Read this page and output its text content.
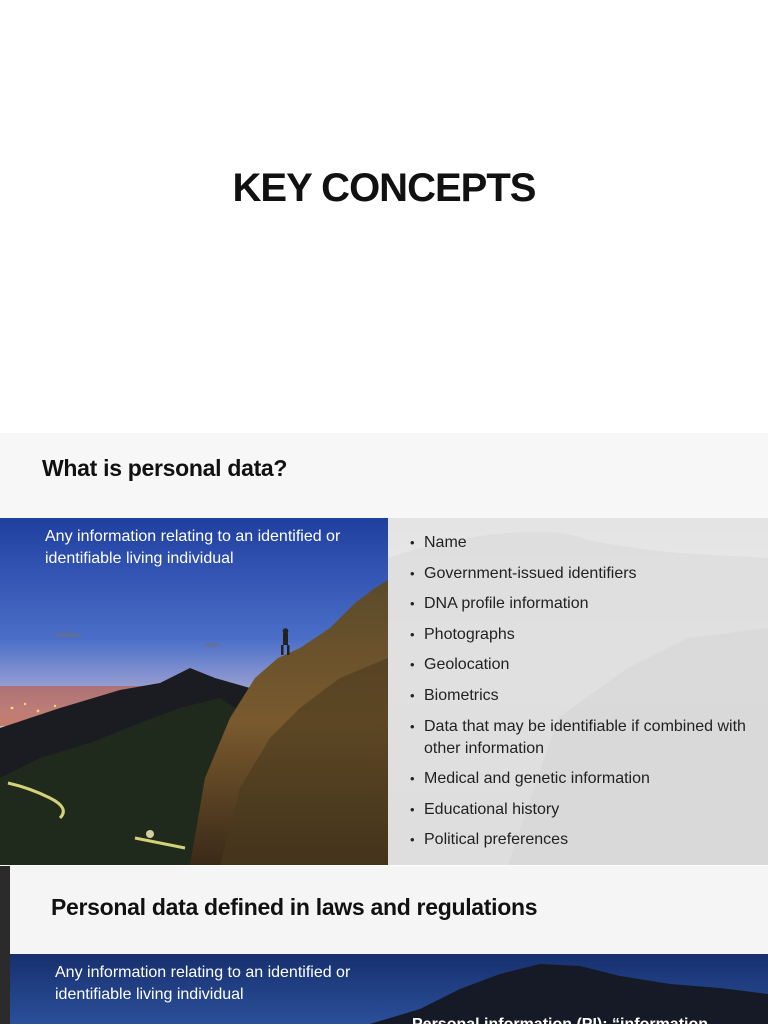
KEY CONCEPTS
What is personal data?

Any information relating to an identified or identifiable living individual

• Name
• Government-issued identifiers
• DNA profile information
• Photographs
• Geolocation
• Biometrics
• Data that may be identifiable if combined with other information
• Medical and genetic information
• Educational history
• Political preferences
Personal data defined in laws and regulations

Any information relating to an identified or identifiable living individual

Personal information (PI): “information
